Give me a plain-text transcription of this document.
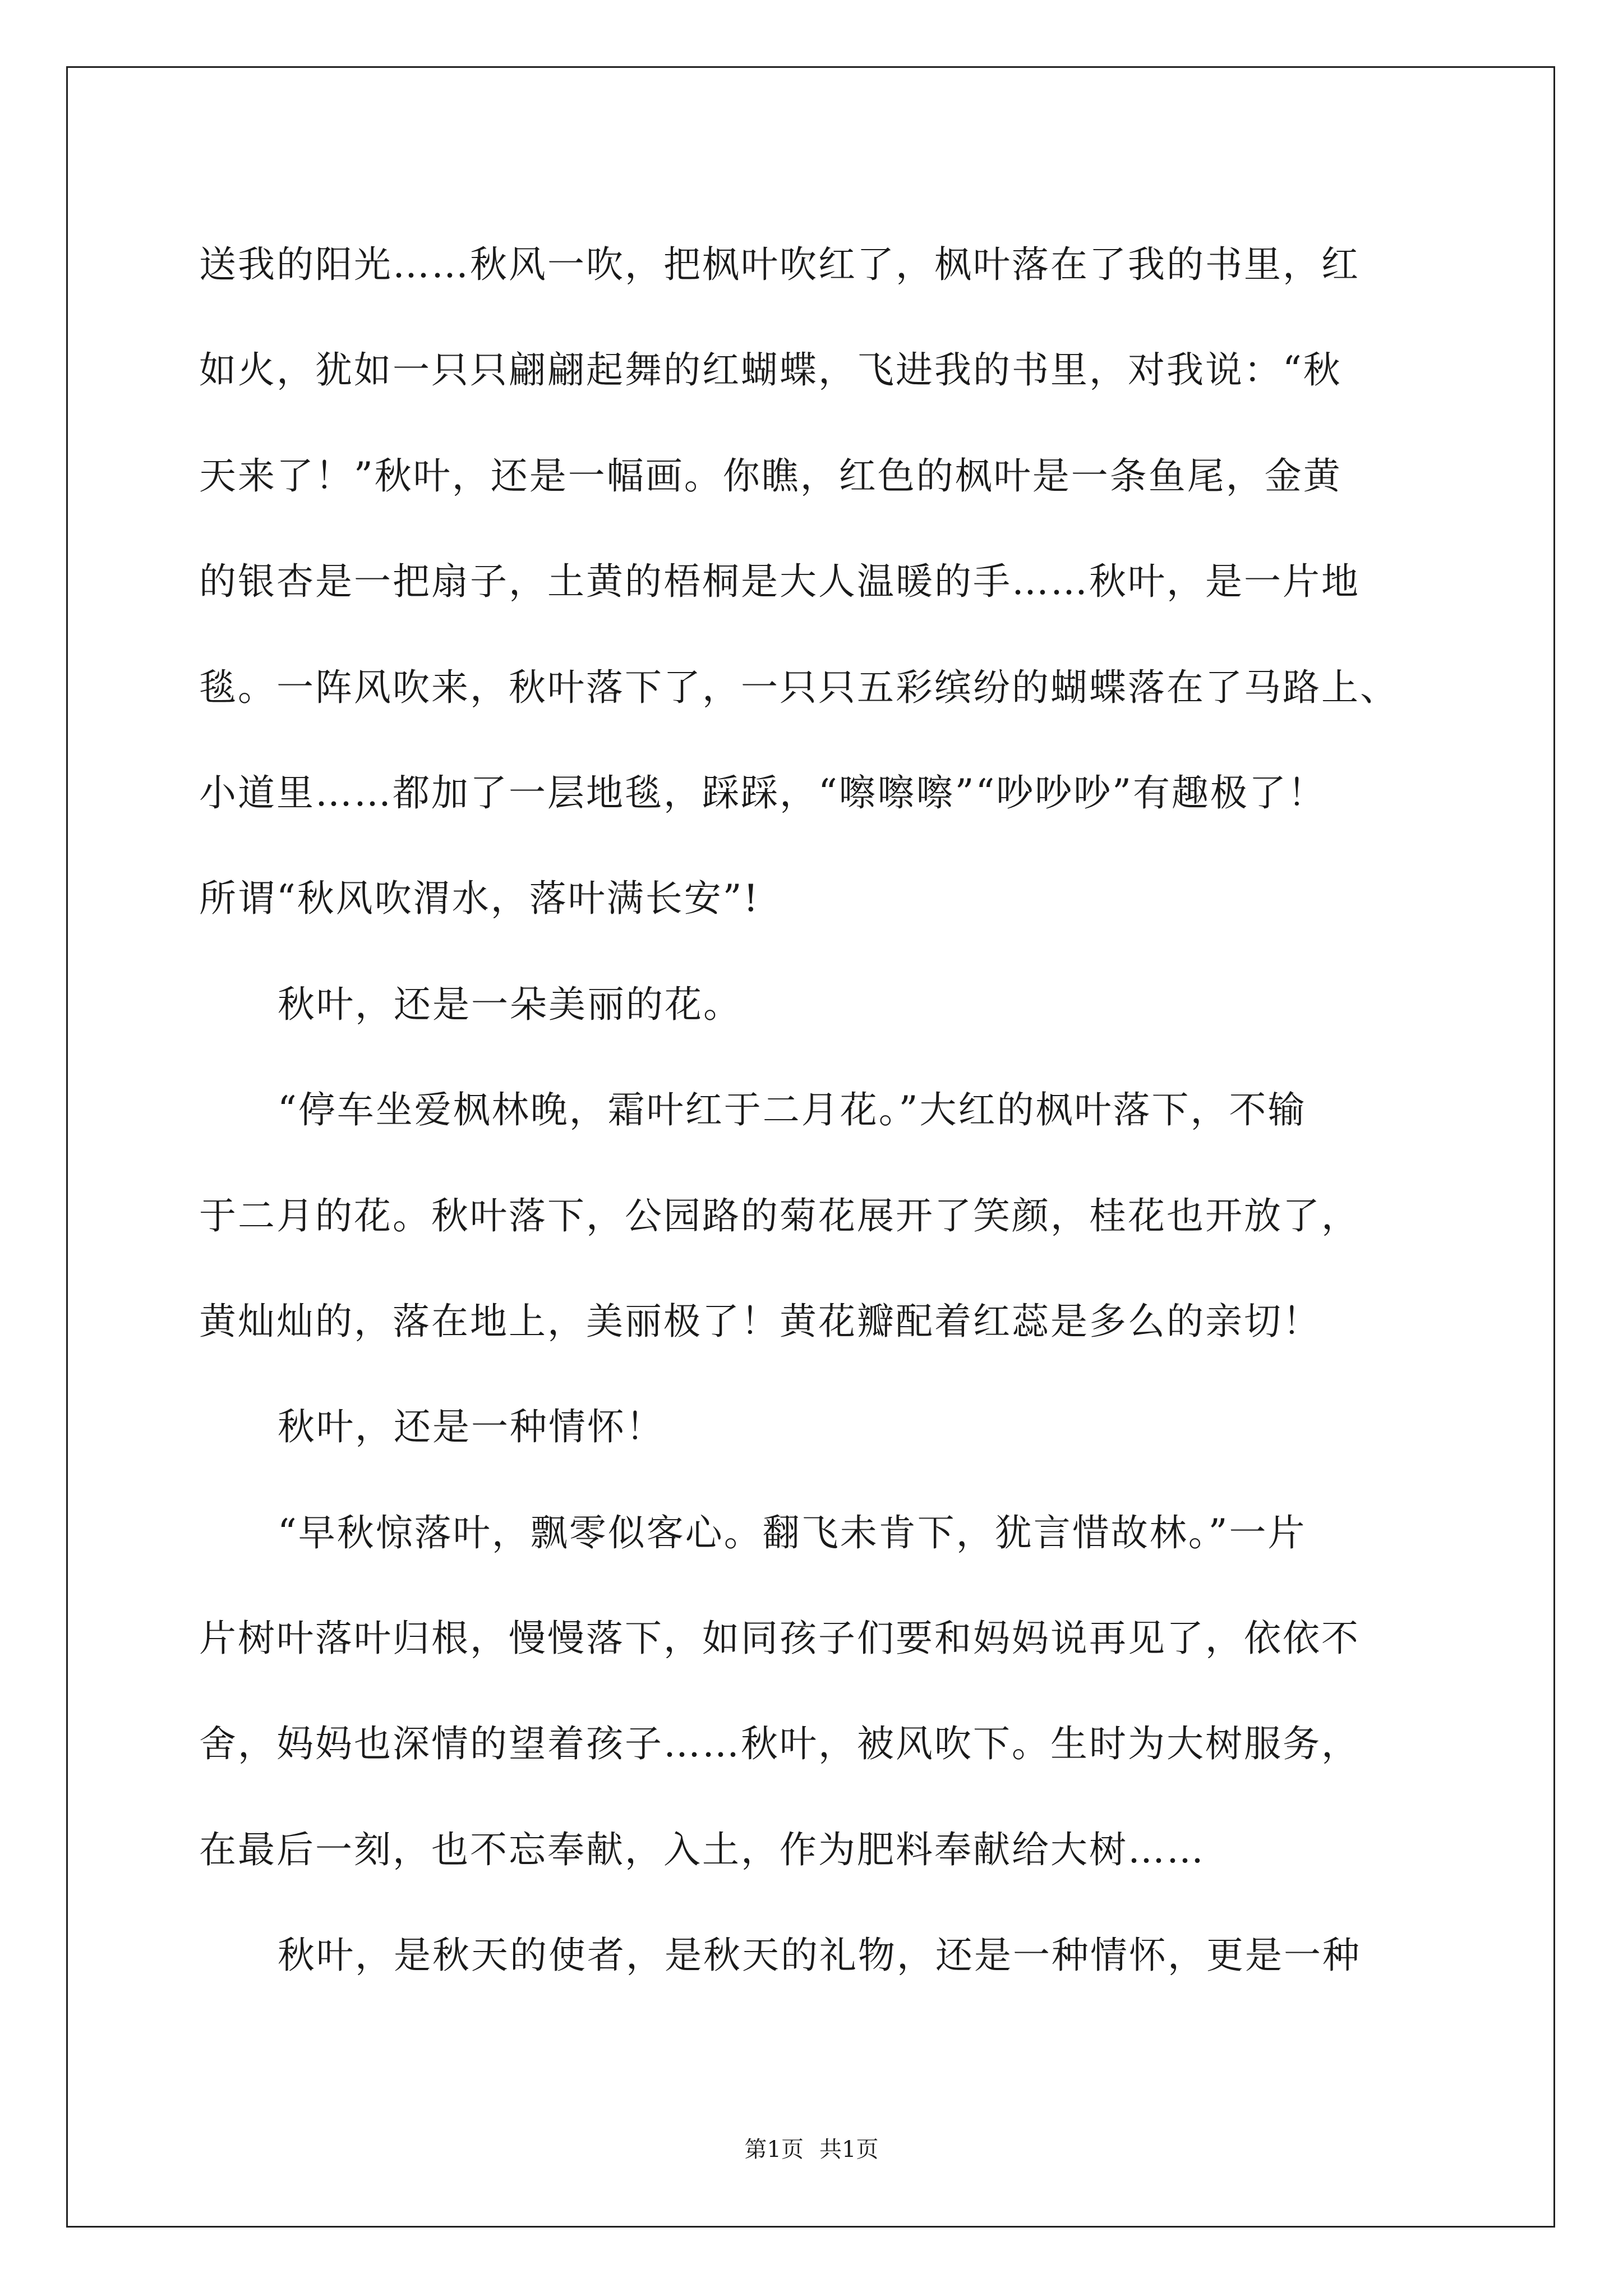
送我的阳光……秋风一吹，把枫叶吹红了，枫叶落在了我的书里，红
如火，犹如一只只翩翩起舞的红蝴蝶，飞进我的书里，对我说：“秋
天来了！”秋叶，还是一幅画。你瞧，红色的枫叶是一条鱼尾，金黄
的银杏是一把扇子，土黄的梧桐是大人温暖的手……秋叶，是一片地
毯。一阵风吹来，秋叶落下了，一只只五彩缤纷的蝴蝶落在了马路上、
小道里……都加了一层地毯，踩踩，“嚓嚓嚓”“吵吵吵”有趣极了！
所谓“秋风吹渭水，落叶满长安”!
秋叶，还是一朵美丽的花。
“停车坐爱枫林晚，霜叶红于二月花。”大红的枫叶落下，不输
于二月的花。秋叶落下，公园路的菊花展开了笑颜，桂花也开放了，
黄灿灿的，落在地上，美丽极了！黄花瓣配着红蕊是多么的亲切！
秋叶，还是一种情怀！
“早秋惊落叶，飘零似客心。翻飞未肯下，犹言惜故林。”一片
片树叶落叶归根，慢慢落下，如同孩子们要和妈妈说再见了，依依不
舍，妈妈也深情的望着孩子……秋叶，被风吹下。生时为大树服务，
在最后一刻，也不忘奉献，入土，作为肥料奉献给大树……
秋叶，是秋天的使者，是秋天的礼物，还是一种情怀，更是一种
第1页 共1页
